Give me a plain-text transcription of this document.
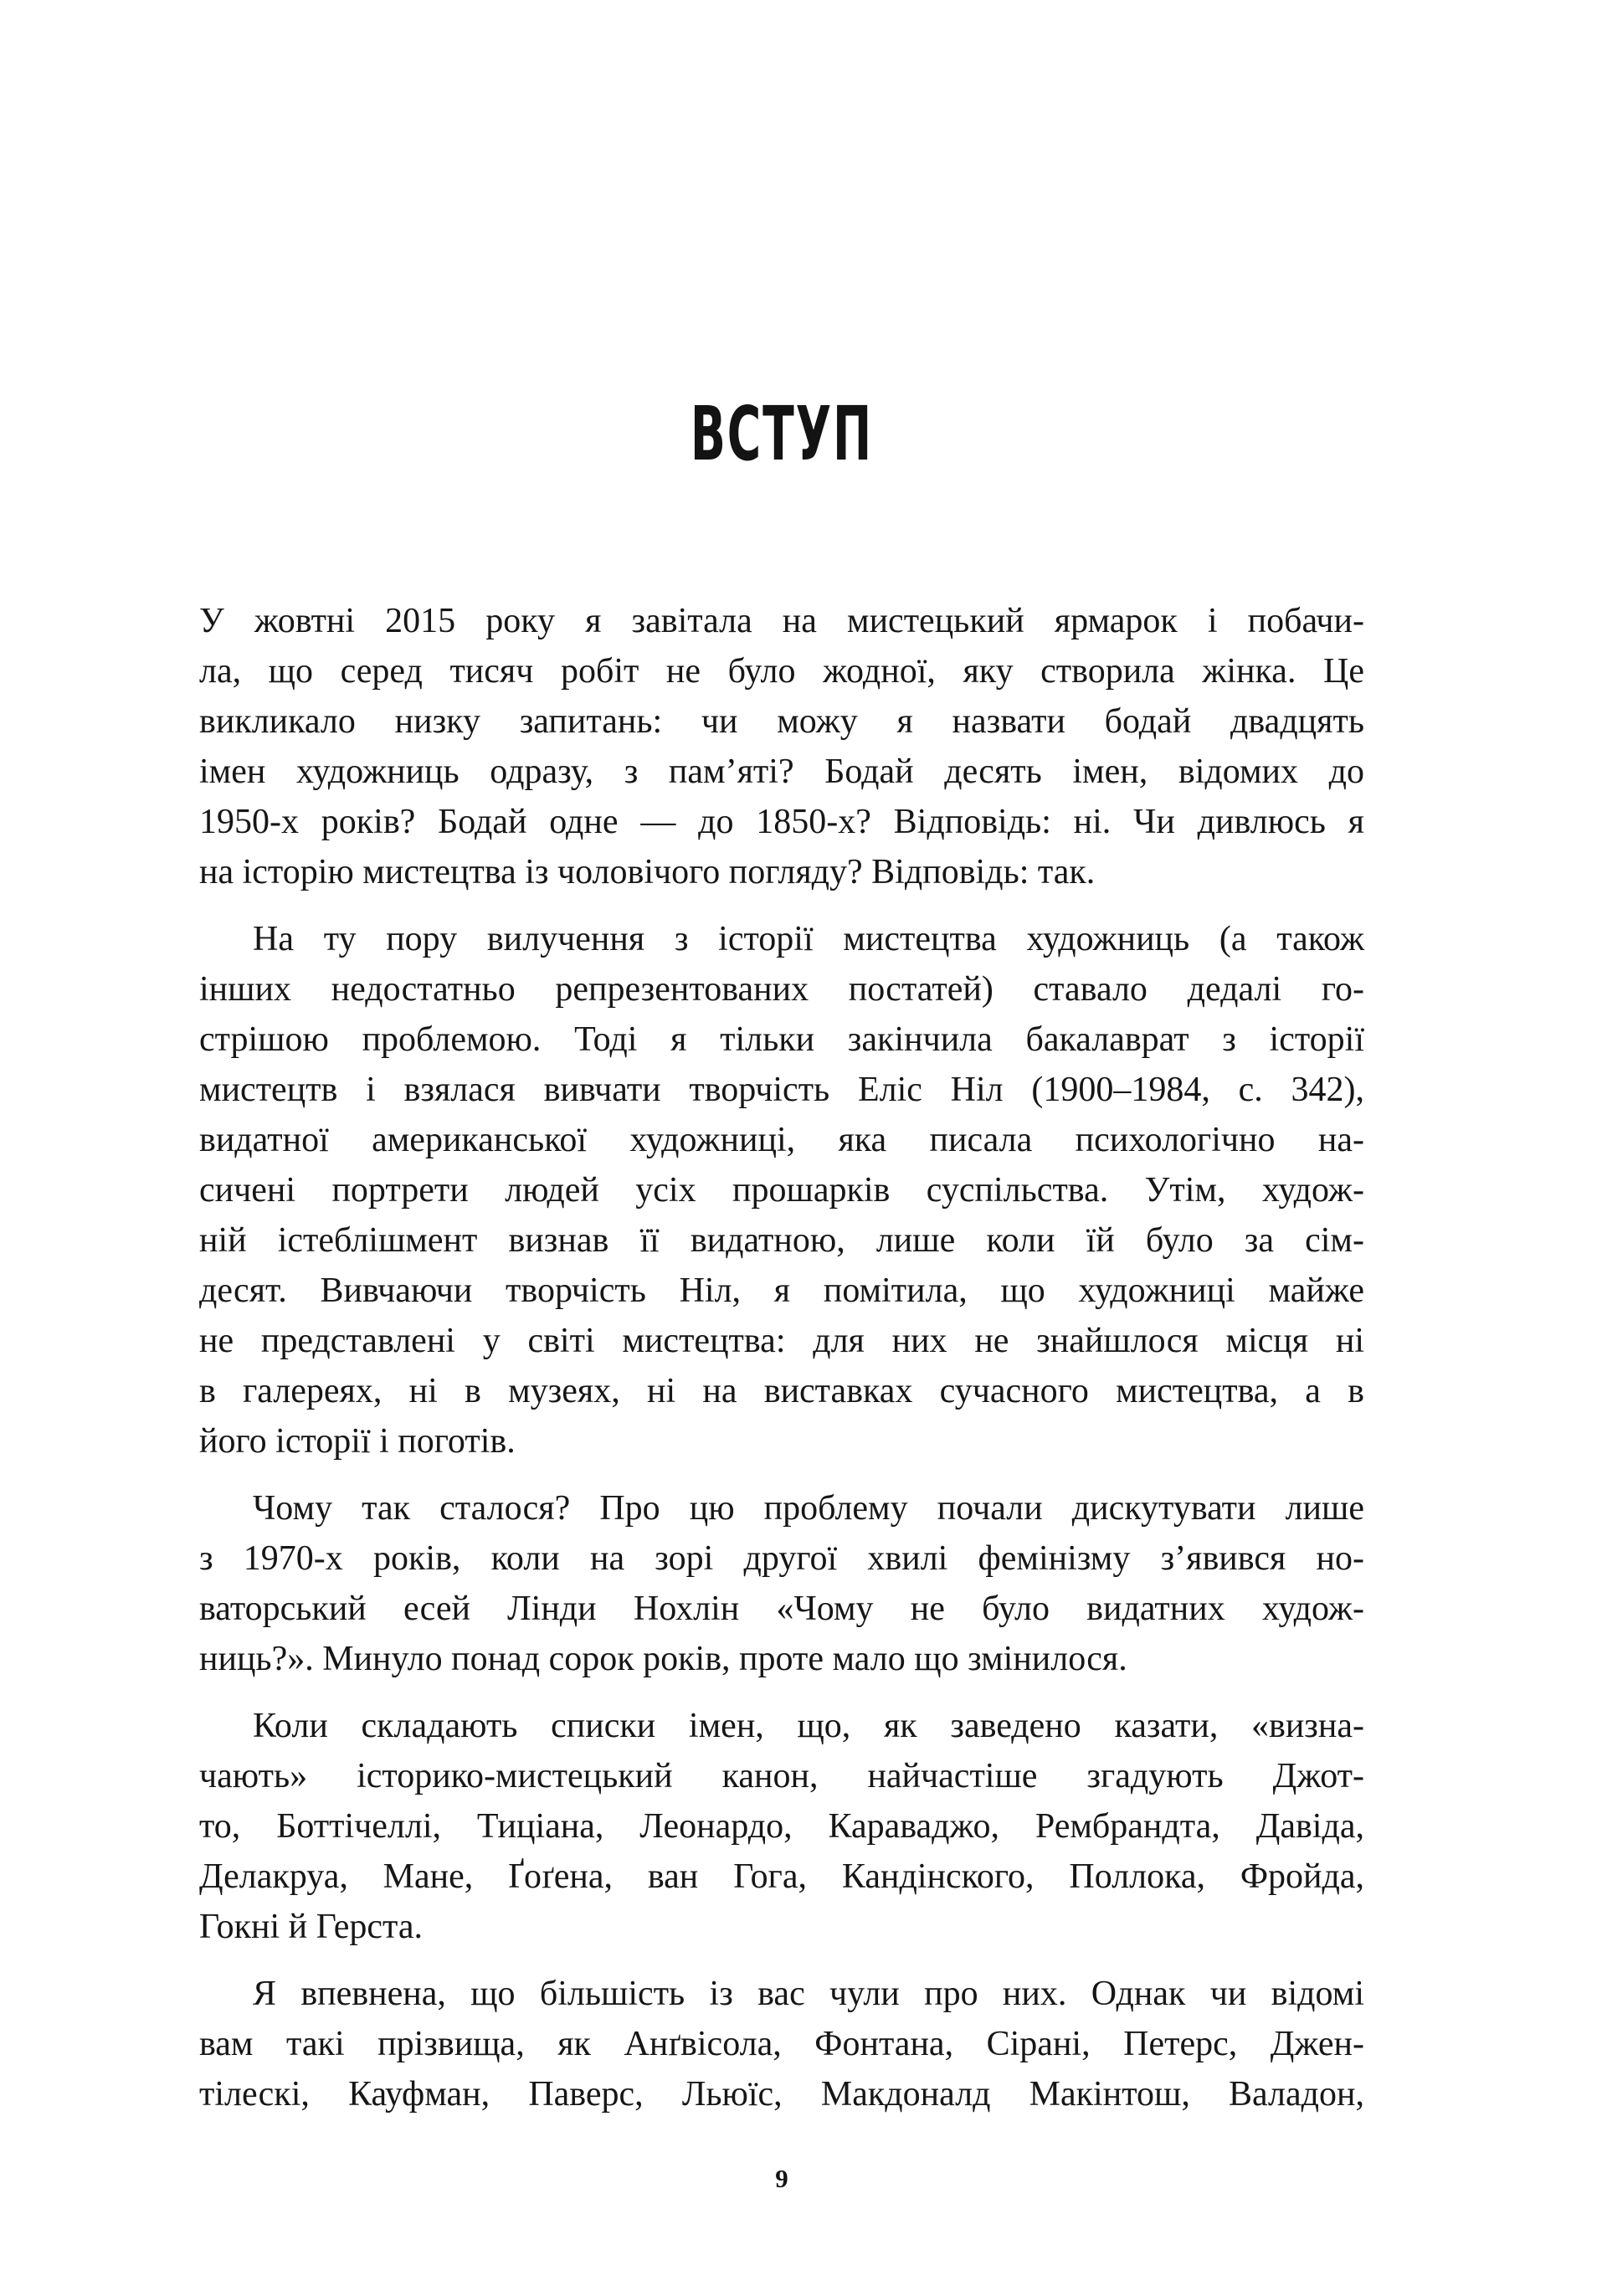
ВСТУП
У жовтні 2015 року я завітала на мистецький ярмарок і побачи-
ла, що серед тисяч робіт не було жодної, яку створила жінка. Це
викликало низку запитань: чи можу я назвати бодай двадцять
імен художниць одразу, з пам’яті? Бодай десять імен, відомих до
1950-х років? Бодай одне — до 1850-х? Відповідь: ні. Чи дивлюсь я
на історію мистецтва із чоловічого погляду? Відповідь: так.
На ту пору вилучення з історії мистецтва художниць (а також
інших недостатньо репрезентованих постатей) ставало дедалі го-
стрішою проблемою. Тоді я тільки закінчила бакалаврат з історії
мистецтв і взялася вивчати творчість Еліс Ніл (1900–1984, с. 342),
видатної американської художниці, яка писала психологічно на-
сичені портрети людей усіх прошарків суспільства. Утім, худож-
ній істеблішмент визнав її видатною, лише коли їй було за сім-
десят. Вивчаючи творчість Ніл, я помітила, що художниці майже
не представлені у світі мистецтва: для них не знайшлося місця ні
в галереях, ні в музеях, ні на виставках сучасного мистецтва, а в
його історії і поготів.
Чому так сталося? Про цю проблему почали дискутувати лише
з 1970-х років, коли на зорі другої хвилі фемінізму з’явився но-
ваторський есей Лінди Нохлін «Чому не було видатних худож-
ниць?». Минуло понад сорок років, проте мало що змінилося.
Коли складають списки імен, що, як заведено казати, «визна-
чають» історико-мистецький канон, найчастіше згадують Джот-
то, Боттічеллі, Тиціана, Леонардо, Караваджо, Рембрандта, Давіда,
Делакруа, Мане, Ґоґена, ван Гога, Кандінского, Поллока, Фройда,
Гокні й Герста.
Я впевнена, що більшість із вас чули про них. Однак чи відомі
вам такі прізвища, як Анґвісола, Фонтана, Сірані, Петерс, Джен-
тілескі, Кауфман, Паверс, Льюїс, Макдоналд Макінтош, Валадон,
9
